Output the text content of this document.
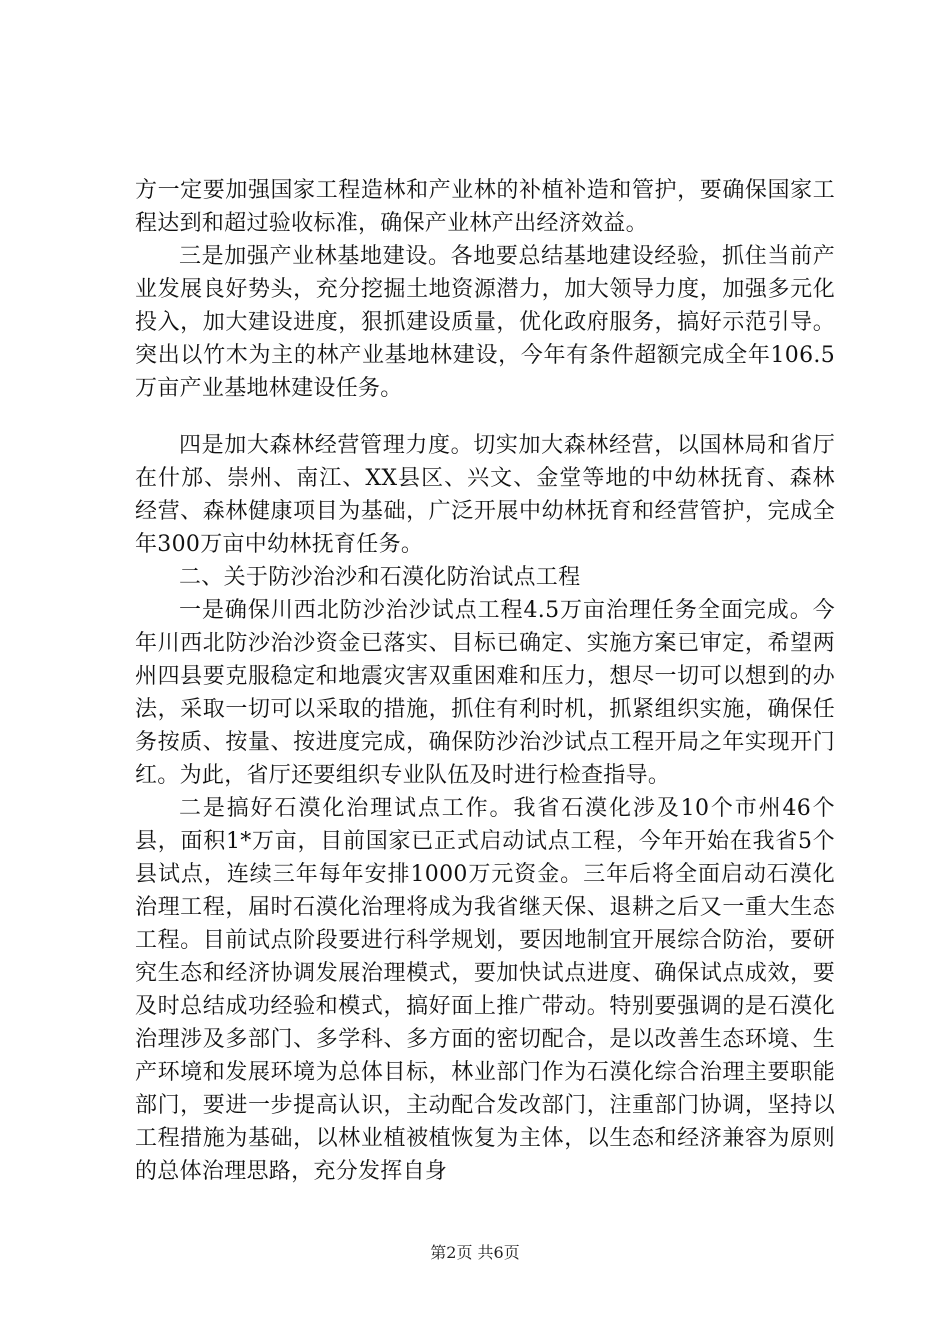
方一定要加强国家工程造林和产业林的补植补造和管护，要确保国家工程达到和超过验收标准，确保产业林产出经济效益。

三是加强产业林基地建设。各地要总结基地建设经验，抓住当前产业发展良好势头，充分挖掘土地资源潜力，加大领导力度，加强多元化投入，加大建设进度，狠抓建设质量，优化政府服务，搞好示范引导。突出以竹木为主的林产业基地林建设，今年有条件超额完成全年106.5万亩产业基地林建设任务。

四是加大森林经营管理力度。切实加大森林经营，以国林局和省厅在什邡、崇州、南江、XX县区、兴文、金堂等地的中幼林抚育、森林经营、森林健康项目为基础，广泛开展中幼林抚育和经营管护，完成全年300万亩中幼林抚育任务。

二、关于防沙治沙和石漠化防治试点工程

一是确保川西北防沙治沙试点工程4.5万亩治理任务全面完成。今年川西北防沙治沙资金已落实、目标已确定、实施方案已审定，希望两州四县要克服稳定和地震灾害双重困难和压力，想尽一切可以想到的办法，采取一切可以采取的措施，抓住有利时机，抓紧组织实施，确保任务按质、按量、按进度完成，确保防沙治沙试点工程开局之年实现开门红。为此，省厅还要组织专业队伍及时进行检查指导。

二是搞好石漠化治理试点工作。我省石漠化涉及10个市州46个县，面积1*万亩，目前国家已正式启动试点工程，今年开始在我省5个县试点，连续三年每年安排1000万元资金。三年后将全面启动石漠化治理工程，届时石漠化治理将成为我省继天保、退耕之后又一重大生态工程。目前试点阶段要进行科学规划，要因地制宜开展综合防治，要研究生态和经济协调发展治理模式，要加快试点进度、确保试点成效，要及时总结成功经验和模式，搞好面上推广带动。特别要强调的是石漠化治理涉及多部门、多学科、多方面的密切配合，是以改善生态环境、生产环境和发展环境为总体目标，林业部门作为石漠化综合治理主要职能部门，要进一步提高认识，主动配合发改部门，注重部门协调，坚持以工程措施为基础，以林业植被植恢复为主体，以生态和经济兼容为原则的总体治理思路，充分发挥自身

第2页 共6页
